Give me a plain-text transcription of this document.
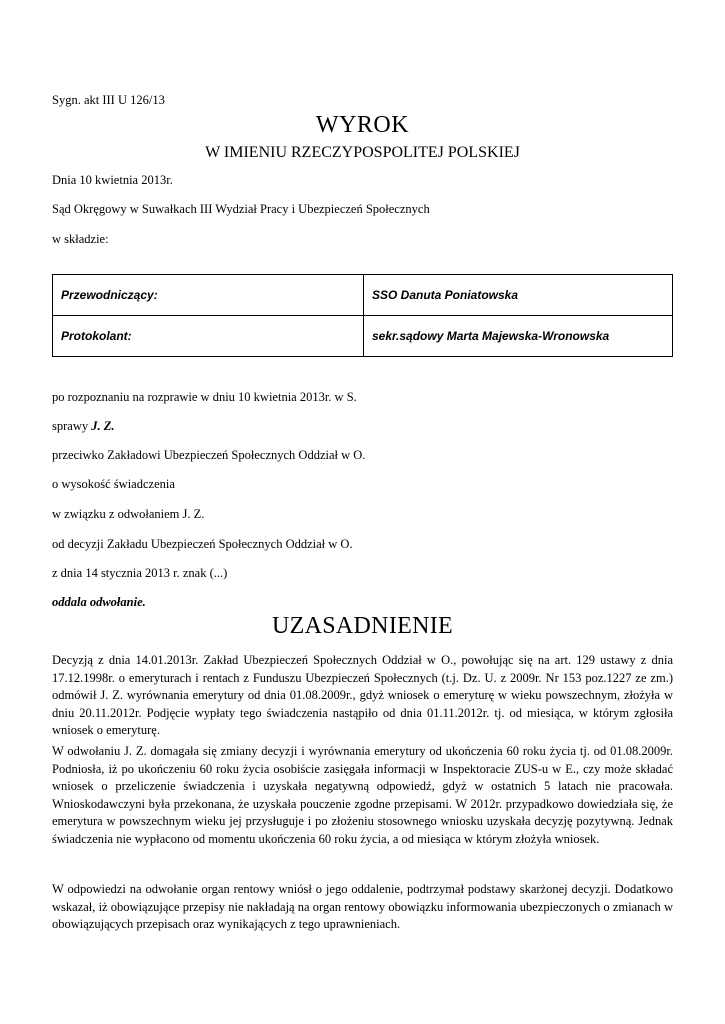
Sygn. akt III U 126/13
WYROK
W IMIENIU RZECZYPOSPOLITEJ POLSKIEJ
Dnia 10 kwietnia 2013r.
Sąd Okręgowy w Suwałkach III Wydział Pracy i Ubezpieczeń Społecznych
w składzie:
Przewodniczący:	SSO Danuta Poniatowska
Protokolant:	sekr.sądowy Marta Majewska-Wronowska
po rozpoznaniu na rozprawie w dniu 10 kwietnia 2013r. w S.
sprawy J. Z.
przeciwko Zakładowi Ubezpieczeń Społecznych Oddział w O.
o wysokość świadczenia
w związku z odwołaniem J. Z.
od decyzji Zakładu Ubezpieczeń Społecznych Oddział w O.
z dnia 14 stycznia 2013 r. znak (...)
oddala odwołanie.
UZASADNIENIE
Decyzją z dnia 14.01.2013r. Zakład Ubezpieczeń Społecznych Oddział w O., powołując się na art. 129 ustawy z dnia 17.12.1998r. o emeryturach i rentach z Funduszu Ubezpieczeń Społecznych (t.j. Dz. U. z 2009r. Nr 153 poz.1227 ze zm.) odmówił J. Z. wyrównania emerytury od dnia 01.08.2009r., gdyż wniosek o emeryturę w wieku powszechnym, złożyła w dniu 20.11.2012r. Podjęcie wypłaty tego świadczenia nastąpiło od dnia 01.11.2012r. tj. od miesiąca, w którym zgłosiła wniosek o emeryturę.
W odwołaniu J. Z. domagała się zmiany decyzji i wyrównania emerytury od ukończenia 60 roku życia tj. od 01.08.2009r. Podniosła, iż po ukończeniu 60 roku życia osobiście zasięgała informacji w Inspektoracie ZUS-u w E., czy może składać wniosek o przeliczenie świadczenia i uzyskała negatywną odpowiedź, gdyż w ostatnich 5 latach nie pracowała. Wnioskodawczyni była przekonana, że uzyskała pouczenie zgodne przepisami. W 2012r. przypadkowo dowiedziała się, że emerytura w powszechnym wieku jej przysługuje i po złożeniu stosownego wniosku uzyskała decyzję pozytywną. Jednak świadczenia nie wypłacono od momentu ukończenia 60 roku życia, a od miesiąca w którym złożyła wniosek.
W odpowiedzi na odwołanie organ rentowy wniósł o jego oddalenie, podtrzymał podstawy skarżonej decyzji. Dodatkowo wskazał, iż obowiązujące przepisy nie nakładają na organ rentowy obowiązku informowania ubezpieczonych o zmianach w obowiązujących przepisach oraz wynikających z tego uprawnieniach.
